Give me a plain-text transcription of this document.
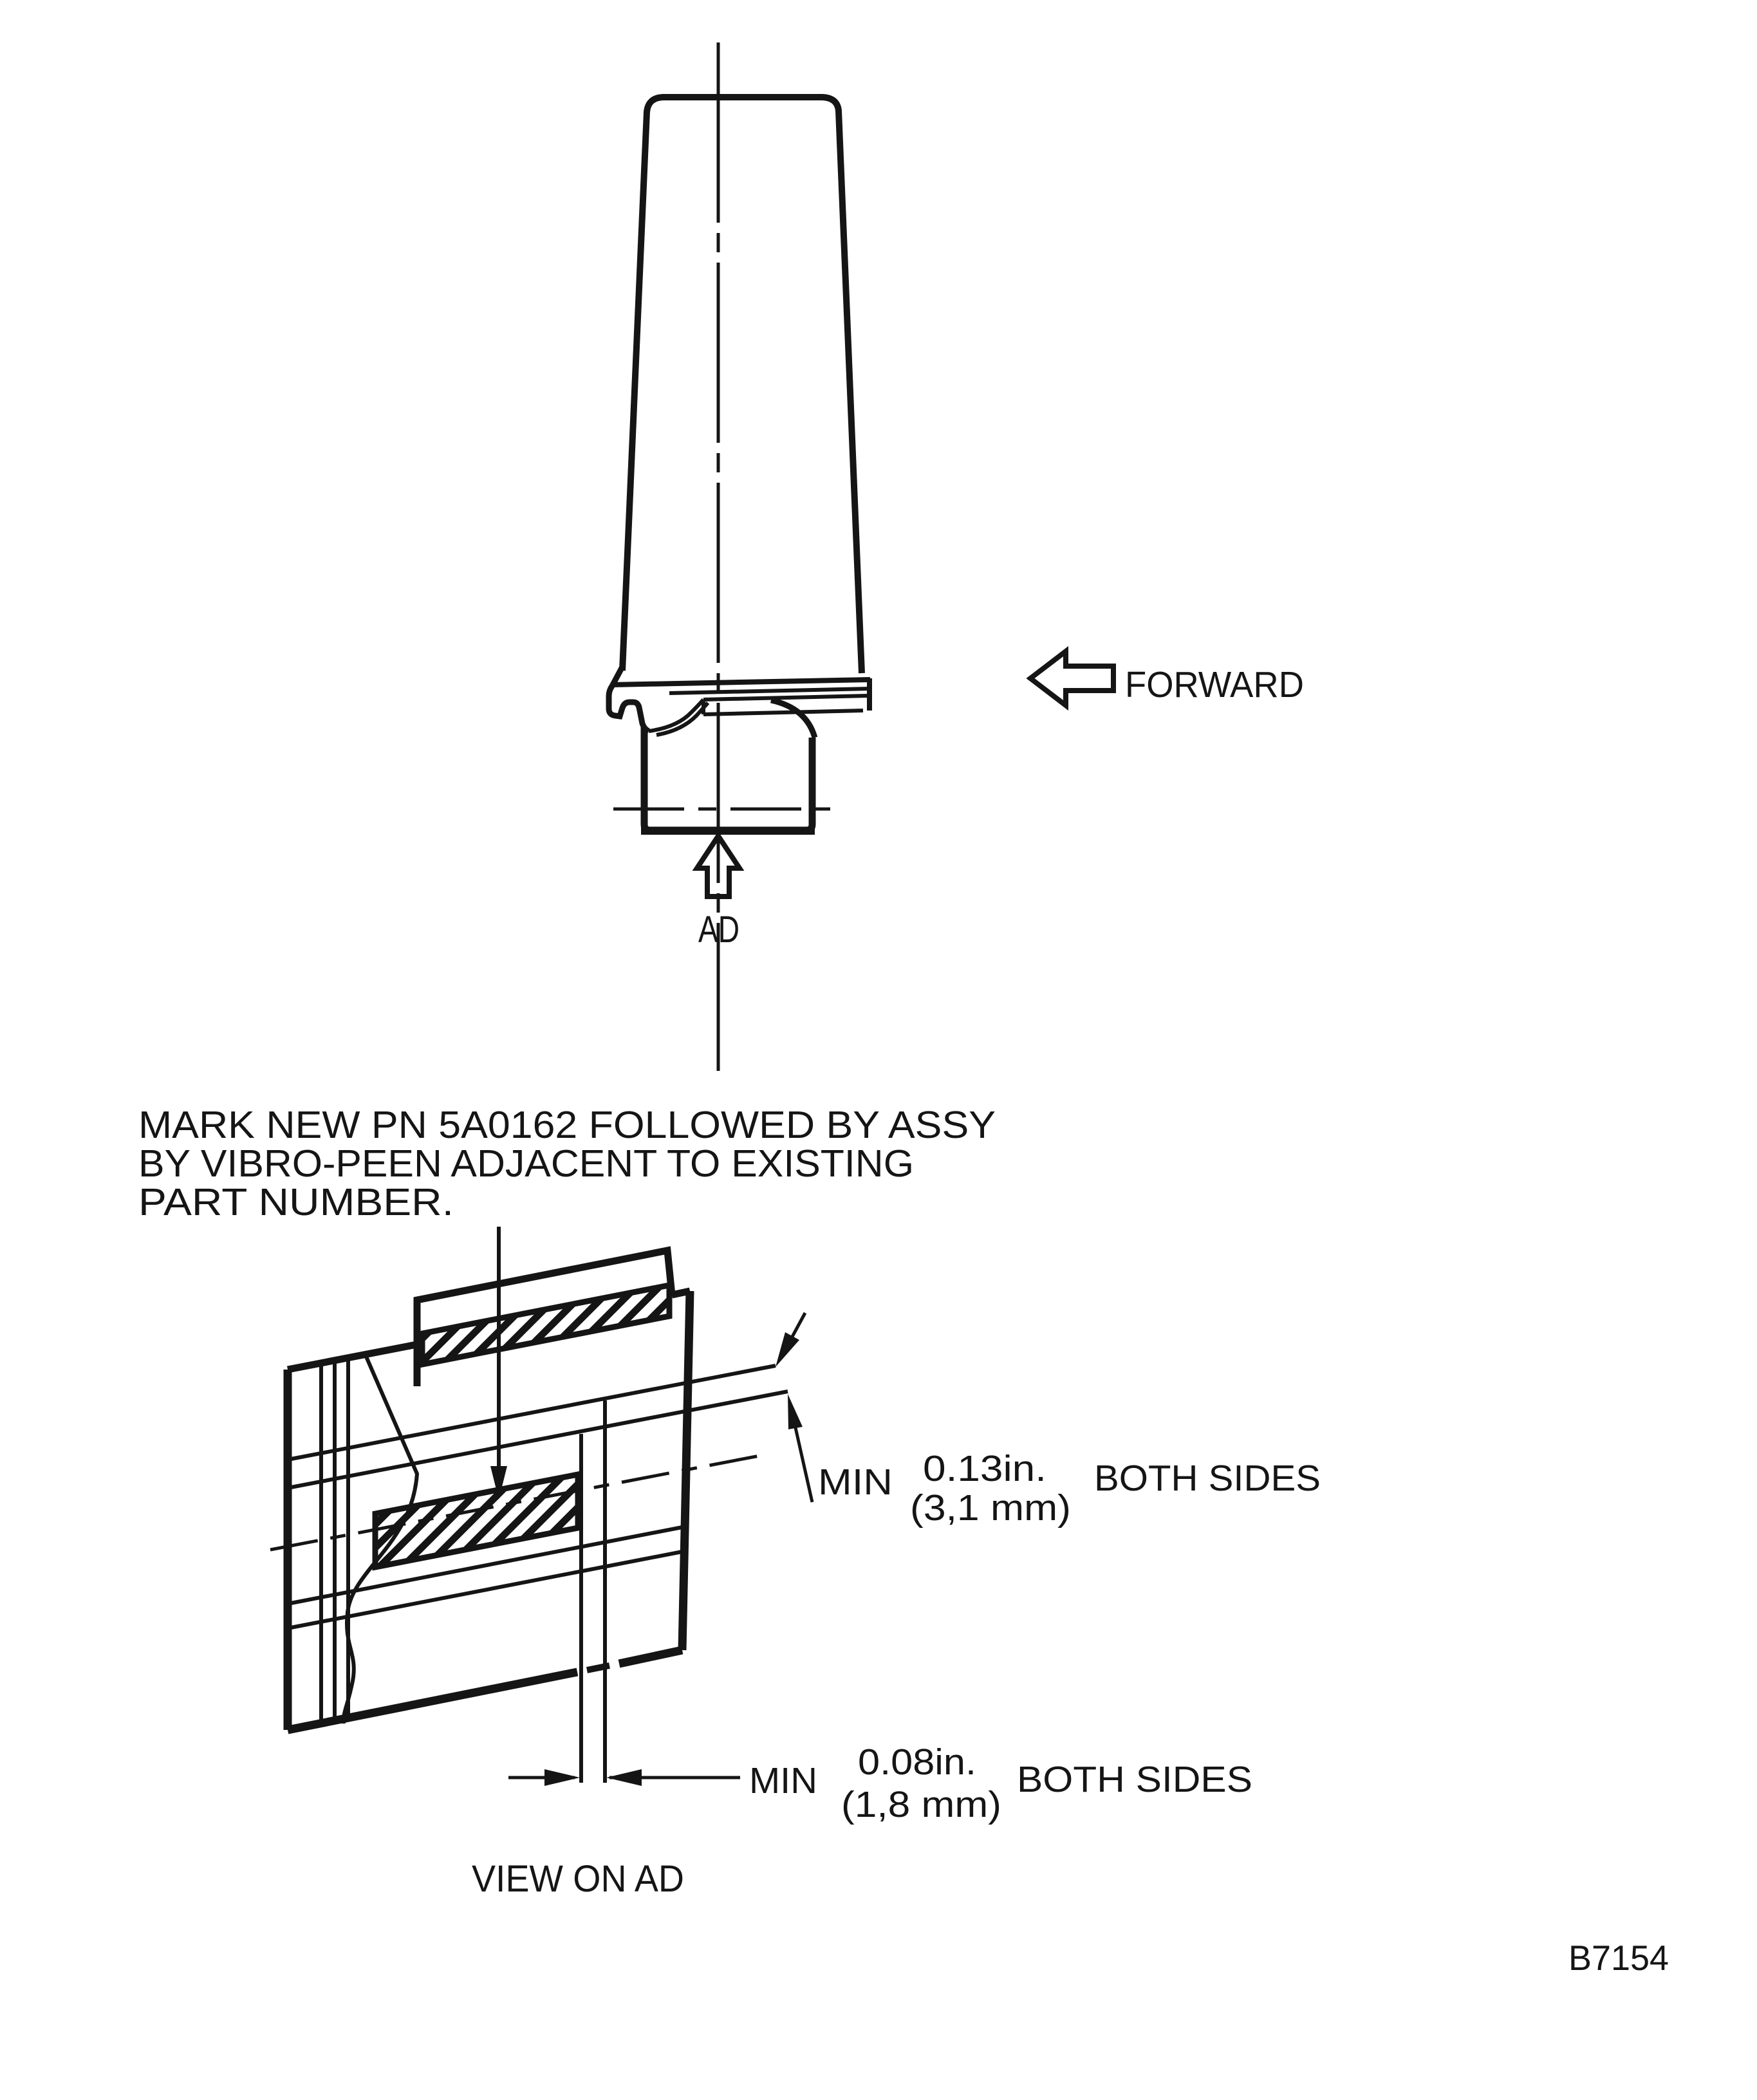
FORWARD
AD
MARK NEW PN 5A0162 FOLLOWED BY ASSY
BY VIBRO-PEEN ADJACENT TO EXISTING
PART NUMBER.
MIN 0.13in.
(3,1 mm)
BOTH SIDES
MIN 0.08in.
(1,8 mm)
BOTH SIDES
VIEW ON AD
B7154
